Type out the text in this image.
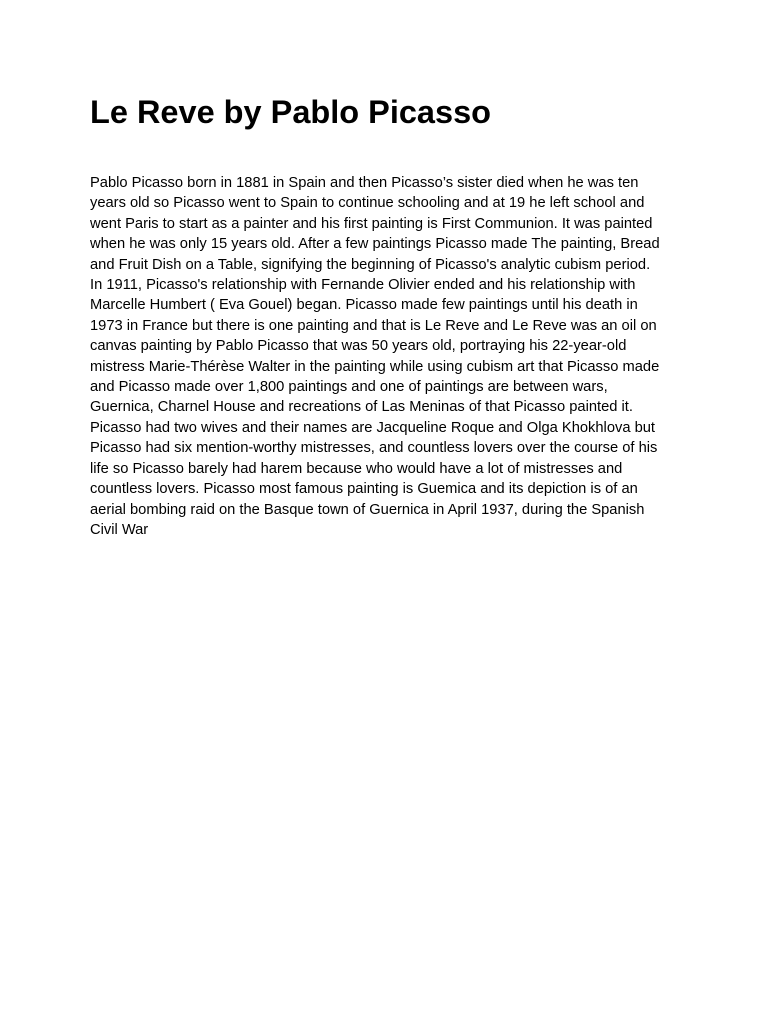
Le Reve by Pablo Picasso
Pablo Picasso born in 1881 in Spain and then Picasso’s sister died when he was ten
years old so Picasso went to Spain to continue schooling and at 19 he left school and
went Paris to start as a painter and his first painting is First Communion. It was painted
when he was only 15 years old. After a few paintings Picasso made The painting, Bread
and Fruit Dish on a Table, signifying the beginning of Picasso's analytic cubism period.
In 1911, Picasso's relationship with Fernande Olivier ended and his relationship with
Marcelle Humbert ( Eva Gouel) began. Picasso made few paintings until his death in
1973 in France but there is one painting and that is Le Reve and Le Reve was an oil on
canvas painting by Pablo Picasso that was 50 years old, portraying his 22-year-old
mistress Marie-Thérèse Walter in the painting while using cubism art that Picasso made
and Picasso made over 1,800 paintings and one of paintings are between wars,
Guernica, Charnel House and recreations of Las Meninas of that Picasso painted it.
Picasso had two wives and their names are Jacqueline Roque and Olga Khokhlova but
Picasso had six mention-worthy mistresses, and countless lovers over the course of his
life so Picasso barely had harem because who would have a lot of mistresses and
countless lovers. Picasso most famous painting is Guemica and its depiction is of an
aerial bombing raid on the Basque town of Guernica in April 1937, during the Spanish
Civil War
